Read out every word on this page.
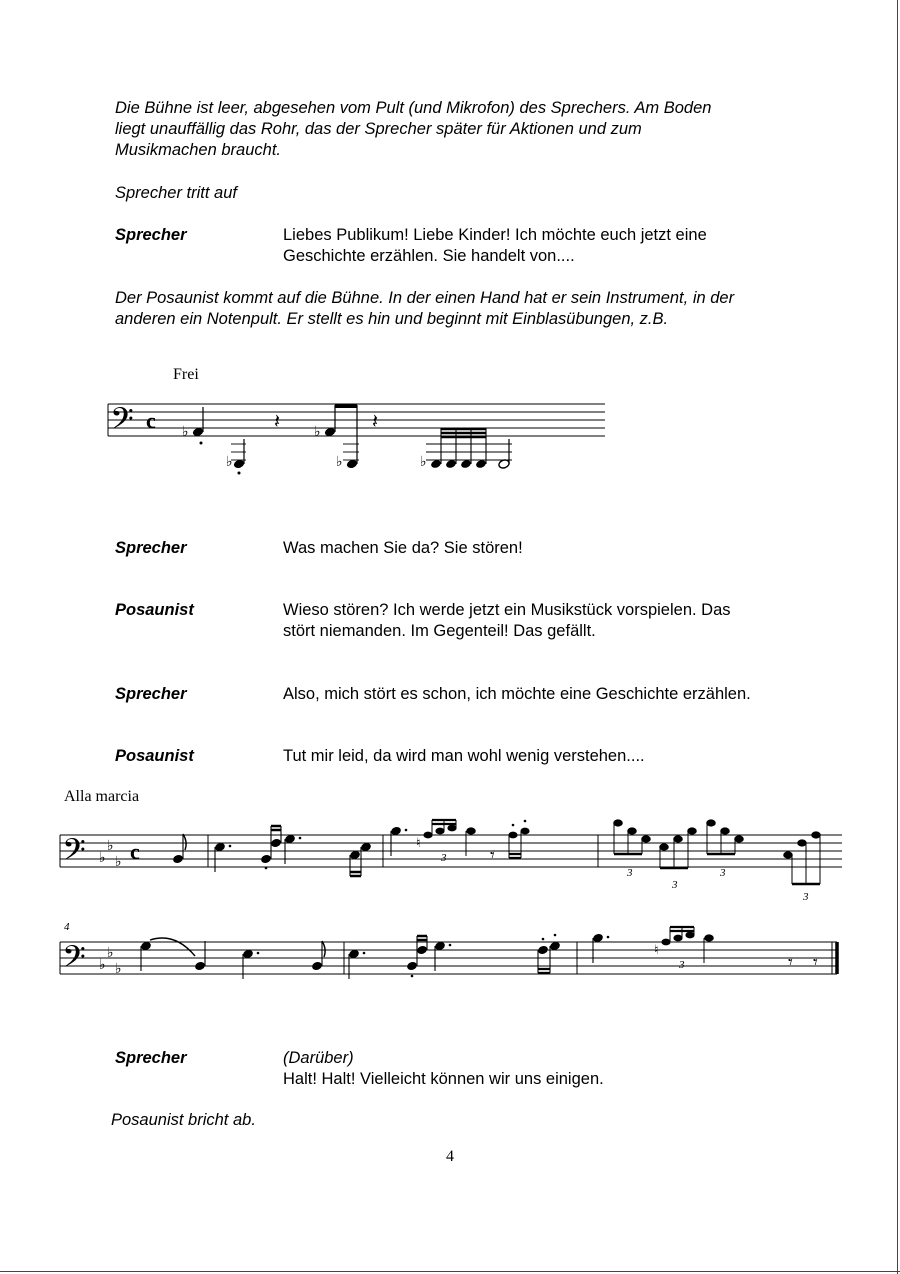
Die Bühne ist leer, abgesehen vom Pult (und Mikrofon) des Sprechers. Am Boden
liegt unauffällig das Rohr, das der Sprecher später für Aktionen und zum
Musikmachen braucht.
Sprecher tritt auf
Sprecher	Liebes Publikum! Liebe Kinder! Ich möchte euch jetzt eine
Geschichte erzählen. Sie handelt von....
Der Posaunist kommt auf die Bühne. In der einen Hand hat er sein Instrument, in der
anderen ein Notenpult. Er stellt es hin und beginnt mit Einblasübungen, z.B.
Frei
𝄢 c ♭
♭
𝄽 ♭
♭
𝄽
♭
Sprecher	Was machen Sie da? Sie stören!
Posaunist	Wieso stören? Ich werde jetzt ein Musikstück vorspielen. Das
stört niemanden. Im Gegenteil! Das gefällt.
Sprecher	Also, mich stört es schon, ich möchte eine Geschichte erzählen.
Posaunist	Tut mir leid, da wird man wohl wenig verstehen....
Alla marcia
𝄢 ♭
♭
♭ c	♮
3 𝄾
3
3
3
3
4
𝄢 ♭
♭
♭
♮
3	𝄾 𝄾
Sprecher	(Darüber)
Halt! Halt! Vielleicht können wir uns einigen.
Posaunist bricht ab.
4
